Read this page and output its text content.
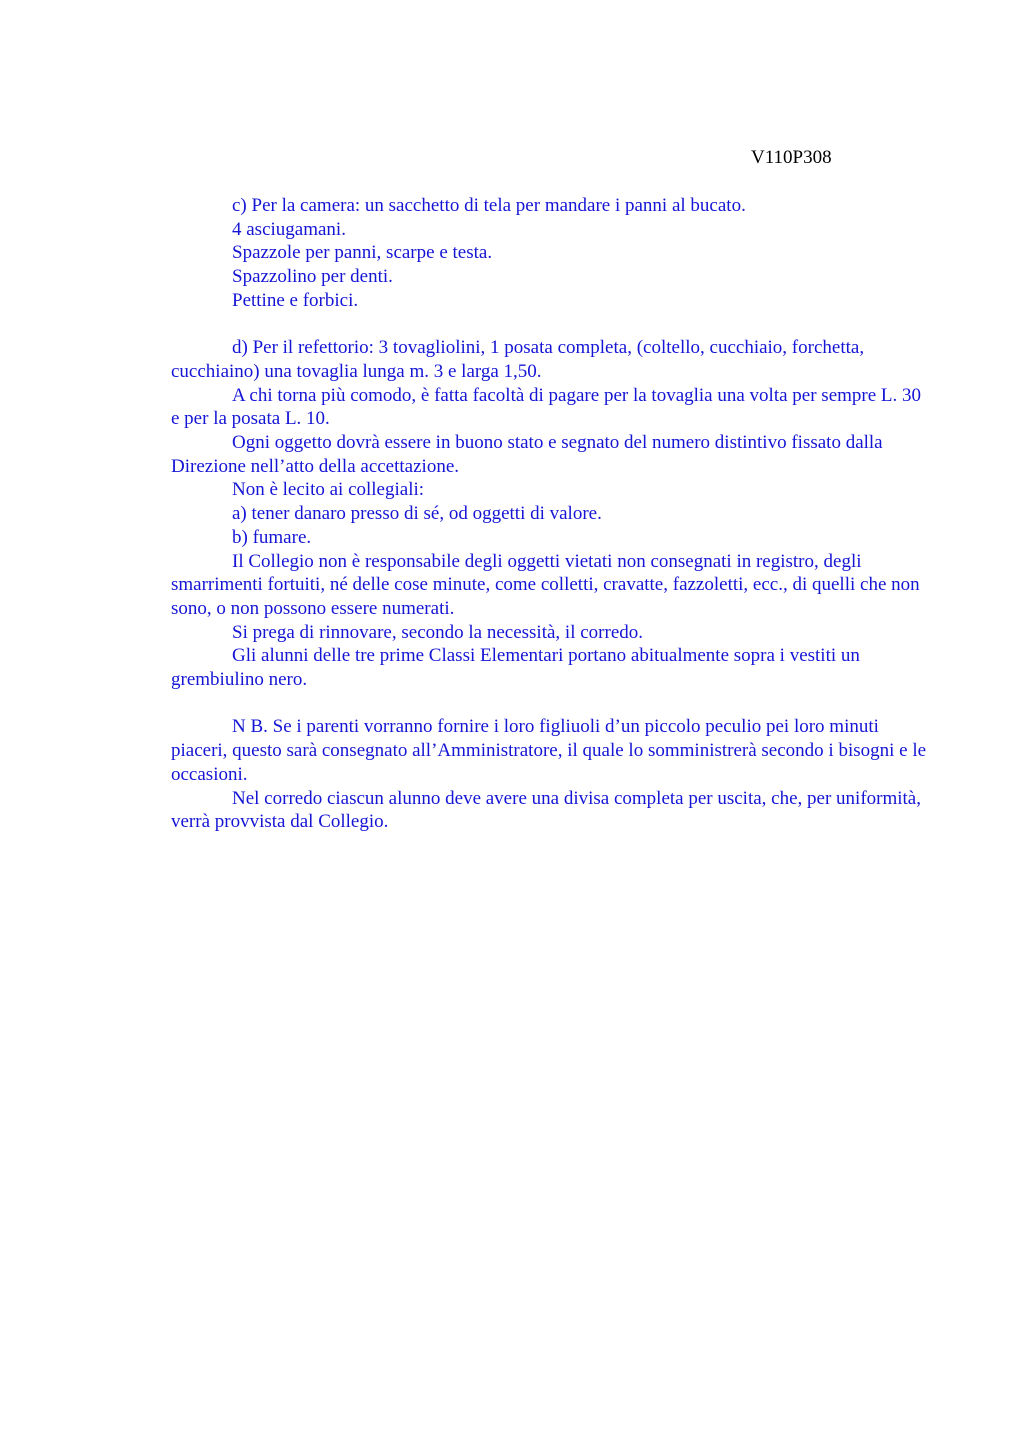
V110P308

c) Per la camera: un sacchetto di tela per mandare i panni al bucato.

4 asciugamani.

Spazzole per panni, scarpe e testa.

Spazzolino per denti.

Pettine e forbici.

d) Per il refettorio: 3 tovagliolini, 1 posata completa, (coltello, cucchiaio, forchetta, cucchiaino) una tovaglia lunga m. 3 e larga 1,50.

A chi torna più comodo, è fatta facoltà di pagare per la tovaglia una volta per sempre L. 30 e per la posata L. 10.

Ogni oggetto dovrà essere in buono stato e segnato del numero distintivo fissato dalla Direzione nell’atto della accettazione.

Non è lecito ai collegiali:

a) tener danaro presso di sé, od oggetti di valore.

b) fumare.

Il Collegio non è responsabile degli oggetti vietati non consegnati in registro, degli smarrimenti fortuiti, né delle cose minute, come colletti, cravatte, fazzoletti, ecc., di quelli che non sono, o non possono essere numerati.

Si prega di rinnovare, secondo la necessità, il corredo.

Gli alunni delle tre prime Classi Elementari portano abitualmente sopra i vestiti un grembiulino nero.

N B. Se i parenti vorranno fornire i loro figliuoli d’un piccolo peculio pei loro minuti piaceri, questo sarà consegnato all’Amministratore, il quale lo somministrerà secondo i bisogni e le occasioni.

Nel corredo ciascun alunno deve avere una divisa completa per uscita, che, per uniformità, verrà provvista dal Collegio.
